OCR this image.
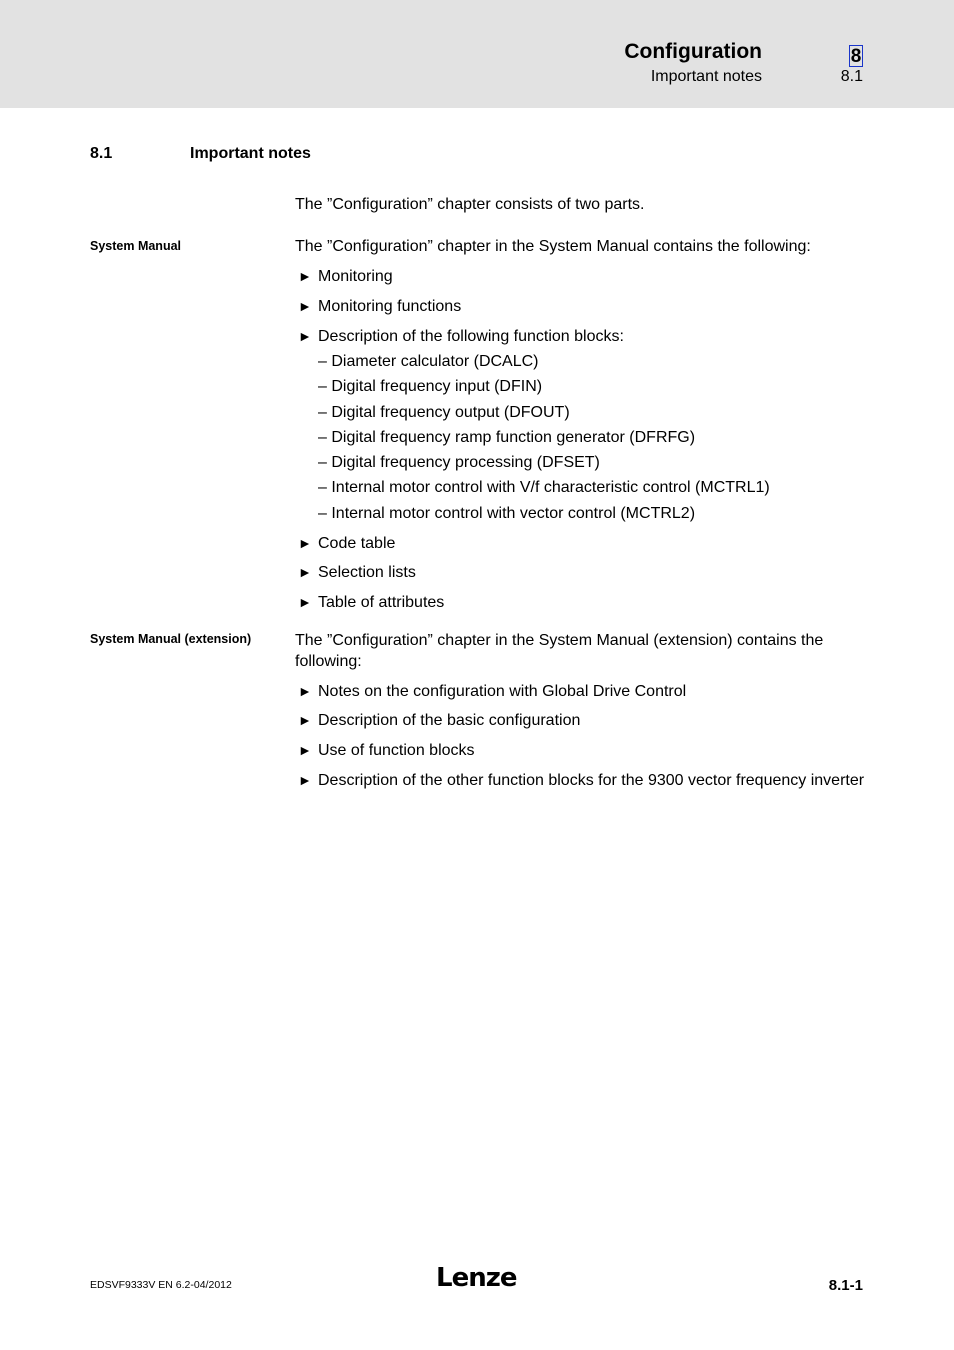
Configuration
Important notes
8
8.1
8.1	Important notes
The ”Configuration” chapter consists of two parts.
System Manual	The ”Configuration” chapter in the System Manual contains the following:
► Monitoring
► Monitoring functions
► Description of the following function blocks:
– Diameter calculator (DCALC)
– Digital frequency input (DFIN)
– Digital frequency output (DFOUT)
– Digital frequency ramp function generator (DFRFG)
– Digital frequency processing (DFSET)
– Internal motor control with V/f characteristic control (MCTRL1)
– Internal motor control with vector control (MCTRL2)
► Code table
► Selection lists
► Table of attributes
System Manual (extension)	The ”Configuration” chapter in the System Manual (extension) contains the following:
► Notes on the configuration with Global Drive Control
► Description of the basic configuration
► Use of function blocks
► Description of the other function blocks for the 9300 vector frequency inverter
EDSVF9333V EN 6.2-04/2012	Lenze	8.1-1
